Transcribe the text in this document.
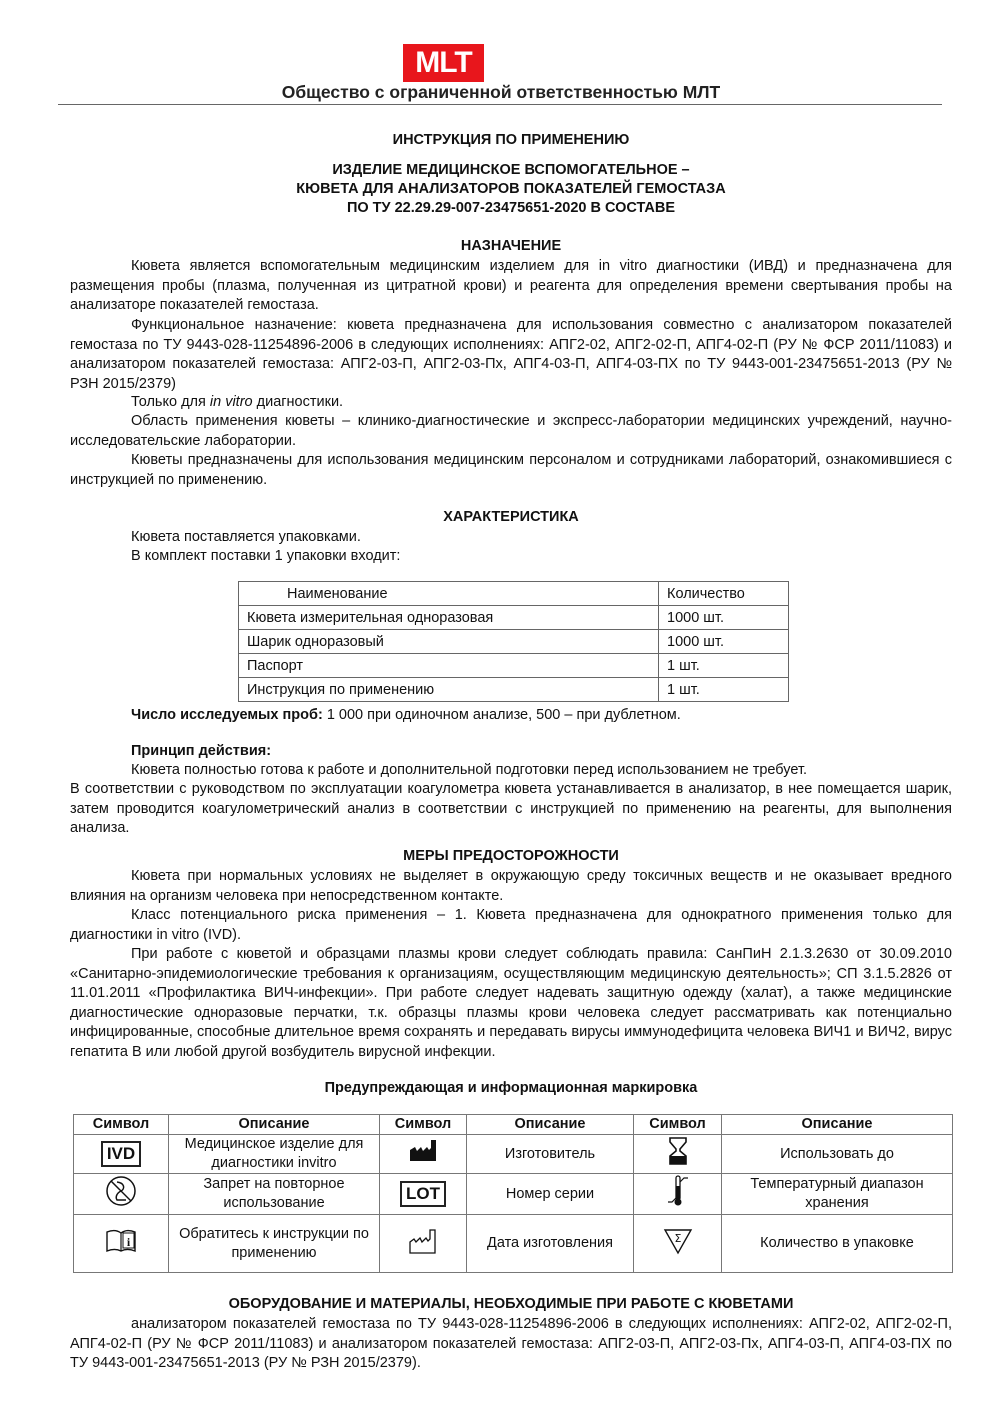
MLT
Общество с ограниченной ответственностью МЛТ
ИНСТРУКЦИЯ ПО ПРИМЕНЕНИЮ
ИЗДЕЛИЕ МЕДИЦИНСКОЕ ВСПОМОГАТЕЛЬНОЕ –
КЮВЕТА ДЛЯ АНАЛИЗАТОРОВ ПОКАЗАТЕЛЕЙ ГЕМОСТАЗА
ПО ТУ 22.29.29-007-23475651-2020 В СОСТАВЕ
НАЗНАЧЕНИЕ
Кювета является вспомогательным медицинским изделием для in vitro диагностики (ИВД) и предназначена для размещения пробы (плазма, полученная из цитратной крови) и реагента для определения времени свертывания пробы на анализаторе показателей гемостаза.
Функциональное назначение: кювета предназначена для использования совместно с анализатором показателей гемостаза по ТУ 9443-028-11254896-2006 в следующих исполнениях: АПГ2-02, АПГ2-02-П, АПГ4-02-П (РУ № ФСР 2011/11083) и анализатором показателей гемостаза: АПГ2-03-П, АПГ2-03-Пх, АПГ4-03-П, АПГ4-03-ПХ по ТУ 9443-001-23475651-2013 (РУ № РЗН 2015/2379)
Только для in vitro диагностики.
Область применения кюветы – клинико-диагностические и экспресс-лаборатории медицинских учреждений, научно-исследовательские лаборатории.
Кюветы предназначены для использования медицинским персоналом и сотрудниками лабораторий, ознакомившиеся с инструкцией по применению.
ХАРАКТЕРИСТИКА
Кювета поставляется упаковками.
В комплект поставки 1 упаковки входит:
Наименование	Количество
Кювета измерительная одноразовая	1000 шт.
Шарик одноразовый	1000 шт.
Паспорт	1 шт.
Инструкция по применению	1 шт.
Число исследуемых проб: 1 000 при одиночном анализе, 500 – при дублетном.
Принцип действия:
Кювета полностью готова к работе и дополнительной подготовки перед использованием не требует.
В соответствии с руководством по эксплуатации коагулометра кювета устанавливается в анализатор, в нее помещается шарик, затем проводится коагулометрический анализ в соответствии с инструкцией по применению на реагенты, для выполнения анализа.
МЕРЫ ПРЕДОСТОРОЖНОСТИ
Кювета при нормальных условиях не выделяет в окружающую среду токсичных веществ и не оказывает вредного влияния на организм человека при непосредственном контакте.
Класс потенциального риска применения – 1. Кювета предназначена для однократного применения только для диагностики in vitro (IVD).
При работе с кюветой и образцами плазмы крови следует соблюдать правила: СанПиН 2.1.3.2630 от 30.09.2010 «Санитарно-эпидемиологические требования к организациям, осуществляющим медицинскую деятельность»; СП 3.1.5.2826 от 11.01.2011 «Профилактика ВИЧ-инфекции». При работе следует надевать защитную одежду (халат), а также медицинские диагностические одноразовые перчатки, т.к. образцы плазмы крови человека следует рассматривать как потенциально инфицированные, способные длительное время сохранять и передавать вирусы иммунодефицита человека ВИЧ1 и ВИЧ2, вирус гепатита В или любой другой возбудитель вирусной инфекции.
Предупреждающая и информационная маркировка
Символ	Описание	Символ	Описание	Символ	Описание
IVD	Медицинское изделие для диагностики invitro		Изготовитель		Использовать до

	Запрет на повторное использование	LOT	Номер серии		Температурный диапазон хранения

i	Обратитесь к инструкции по применению		Дата изготовления	Σ	Количество в упаковке
ОБОРУДОВАНИЕ И МАТЕРИАЛЫ, НЕОБХОДИМЫЕ ПРИ РАБОТЕ С КЮВЕТАМИ
анализатором показателей гемостаза по ТУ 9443-028-11254896-2006 в следующих исполнениях: АПГ2-02, АПГ2-02-П, АПГ4-02-П (РУ № ФСР 2011/11083) и анализатором показателей гемостаза: АПГ2-03-П, АПГ2-03-Пх, АПГ4-03-П, АПГ4-03-ПХ по ТУ 9443-001-23475651-2013 (РУ № РЗН 2015/2379).
